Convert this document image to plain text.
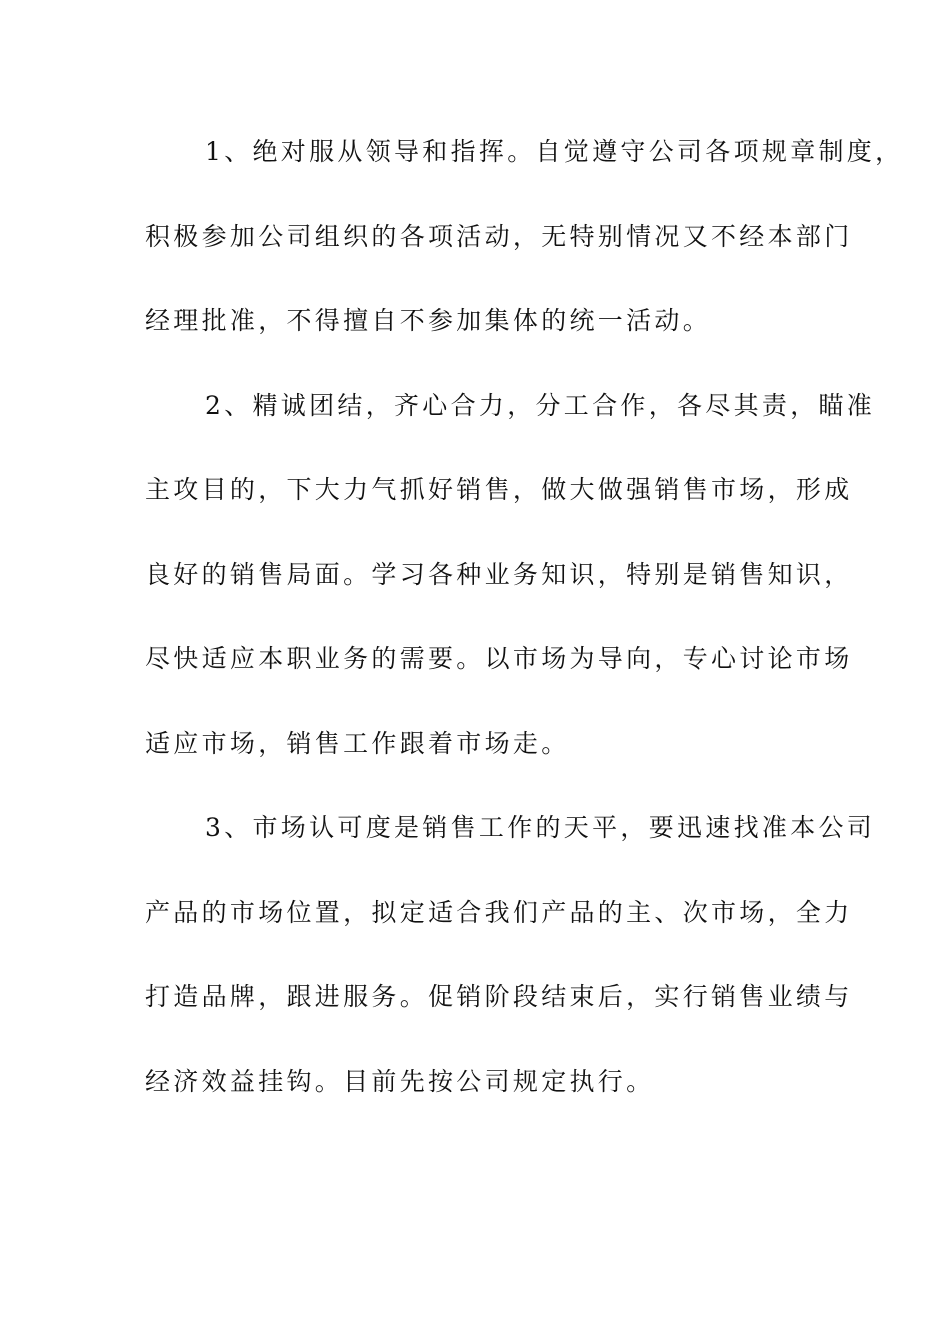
1、绝对服从领导和指挥。自觉遵守公司各项规章制度，
积极参加公司组织的各项活动，无特别情况又不经本部门
经理批准，不得擅自不参加集体的统一活动。
2、精诚团结，齐心合力，分工合作，各尽其责，瞄准
主攻目的，下大力气抓好销售，做大做强销售市场，形成
良好的销售局面。学习各种业务知识，特别是销售知识，
尽快适应本职业务的需要。以市场为导向，专心讨论市场
适应市场，销售工作跟着市场走。
3、市场认可度是销售工作的天平，要迅速找准本公司
产品的市场位置，拟定适合我们产品的主、次市场，全力
打造品牌，跟进服务。促销阶段结束后，实行销售业绩与
经济效益挂钩。目前先按公司规定执行。
